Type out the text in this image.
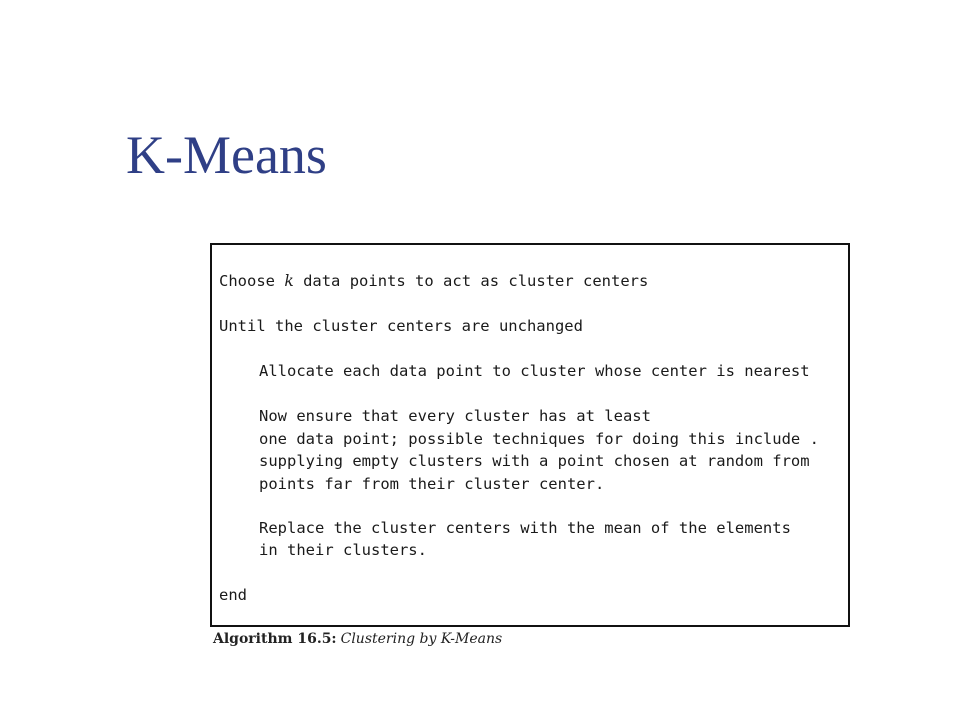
K-Means
Choose k data points to act as cluster centers
Until the cluster centers are unchanged
Allocate each data point to cluster whose center is nearest
Now ensure that every cluster has at least
one data point; possible techniques for doing this include .
supplying empty clusters with a point chosen at random from
points far from their cluster center.
Replace the cluster centers with the mean of the elements
in their clusters.
end
Algorithm 16.5: Clustering by K-Means
